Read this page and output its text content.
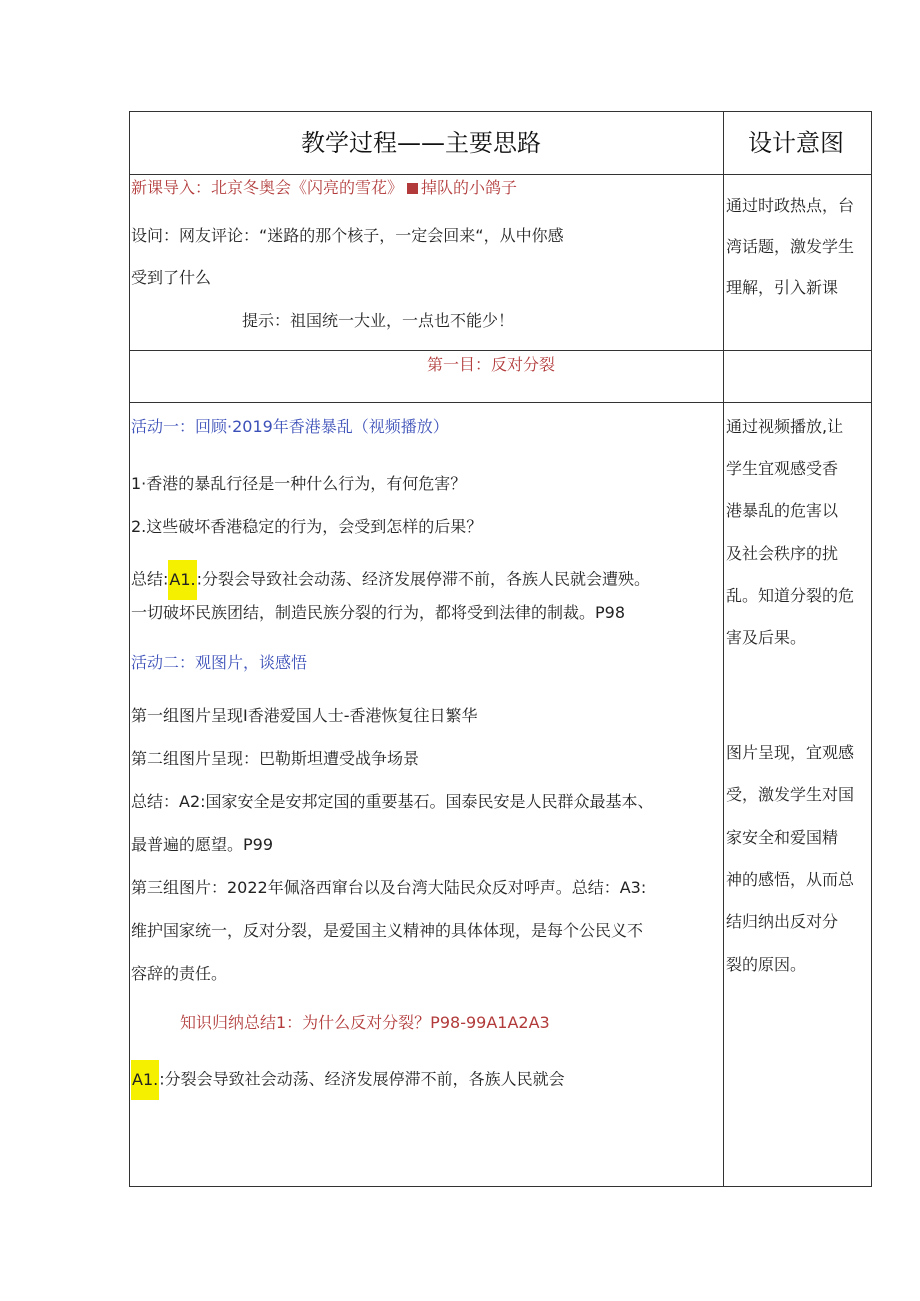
教学过程——主要思路	设计意图
新课导入：北京冬奥会《闪亮的雪花》 掉队的小鸽子
设问：网友评论：“迷路的那个核子，一定会回来“，从中你感
受到了什么
提示：祖国统一大业，一点也不能少！
通过时政热点，台
湾话题，激发学生
理解，引入新课
第一目：反对分裂
活动一：回顾·2019年香港暴乱（视频播放）
1·香港的暴乱行径是一种什么行为，有何危害？
2.这些破坏香港稳定的行为，会受到怎样的后果？
总结:A1.:分裂会导致社会动荡、经济发展停滞不前，各族人民就会遭殃。
一切破坏民族团结，制造民族分裂的行为，都将受到法律的制裁。P98
通过视频播放,让
学生宜观感受香
港暴乱的危害以
及社会秩序的扰
乱。知道分裂的危
害及后果。
活动二：观图片，谈感悟
第一组图片呈现I香港爱国人士-香港恢复往日繁华
第二组图片呈现：巴勒斯坦遭受战争场景
总结：A2:国家安全是安邦定国的重要基石。国泰民安是人民群众最基本、
最普遍的愿望。P99
第三组图片：2022年佩洛西窜台以及台湾大陆民众反对呼声。总结：A3:
维护国家统一，反对分裂，是爱国主义精神的具体体现，是每个公民义不
容辞的责任。
图片呈现，宜观感
受，激发学生对国
家安全和爱国精
神的感悟，从而总
结归纳出反对分
裂的原因。
知识归纳总结1：为什么反对分裂？P98-99A1A2A3
A1.:分裂会导致社会动荡、经济发展停滞不前，各族人民就会
